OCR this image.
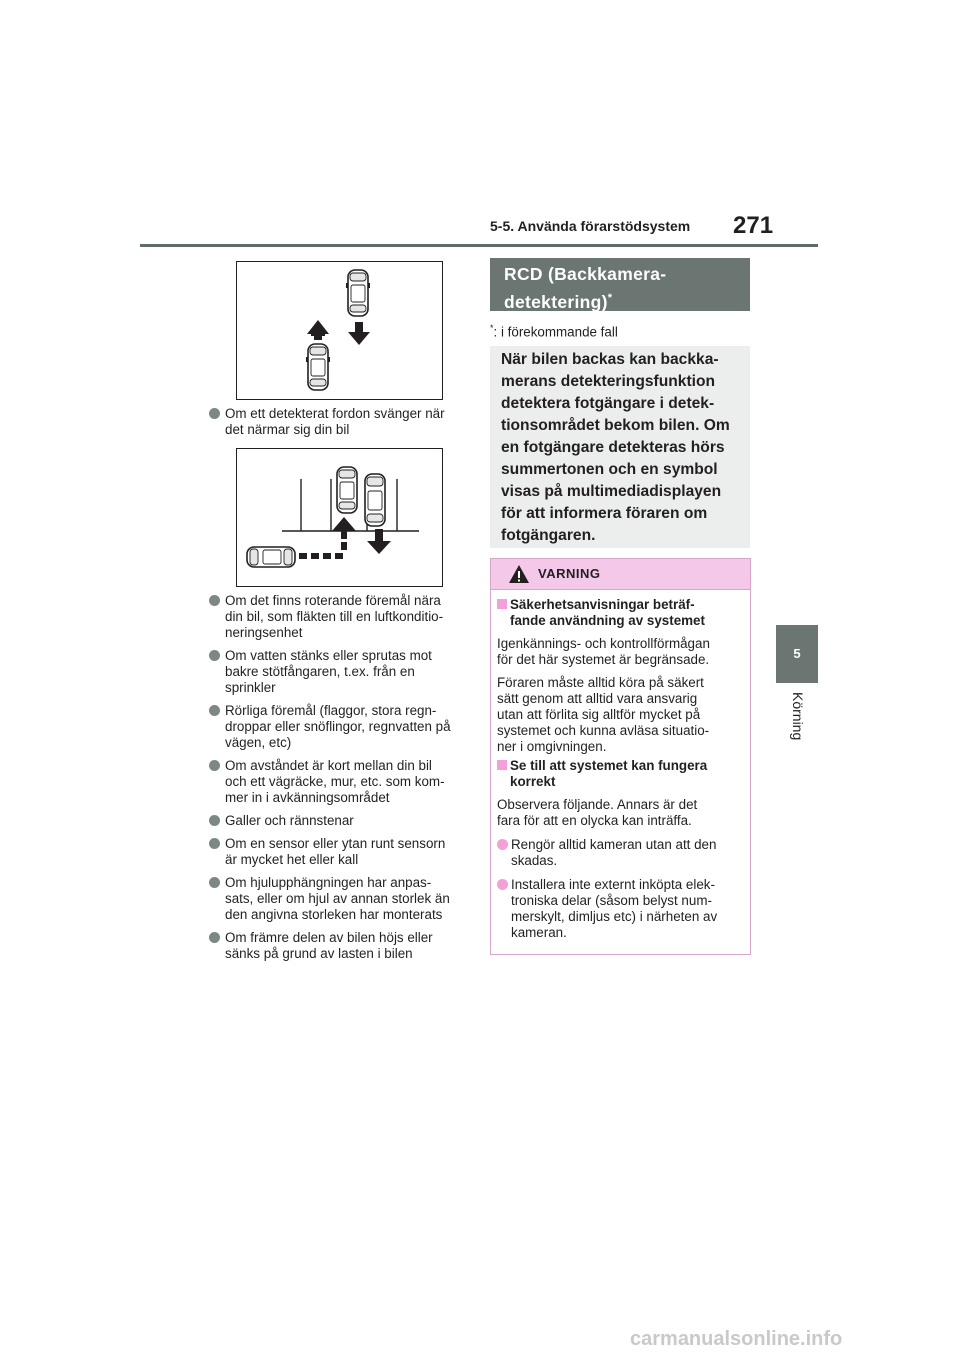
5-5. Använda förarstödsystem 271
5
Körning
Om ett detekterat fordon svänger när
det närmar sig din bil
Om det finns roterande föremål nära
din bil, som fläkten till en luftkonditio-
neringsenhet
Om vatten stänks eller sprutas mot
bakre stötfångaren, t.ex. från en
sprinkler
Rörliga föremål (flaggor, stora regn-
droppar eller snöflingor, regnvatten på
vägen, etc)
Om avståndet är kort mellan din bil
och ett vägräcke, mur, etc. som kom-
mer in i avkänningsområdet
Galler och rännstenar
Om en sensor eller ytan runt sensorn
är mycket het eller kall
Om hjulupphängningen har anpas-
sats, eller om hjul av annan storlek än
den angivna storleken har monterats
Om främre delen av bilen höjs eller
sänks på grund av lasten i bilen
RCD (Backkamera-
detektering)*
*: i förekommande fall
När bilen backas kan backka-
merans detekteringsfunktion
detektera fotgängare i detek-
tionsområdet bekom bilen. Om
en fotgängare detekteras hörs
summertonen och en symbol
visas på multimediadisplayen
för att informera föraren om
fotgängaren.
VARNING
Säkerhetsanvisningar beträf-
fande användning av systemet
Igenkännings- och kontrollförmågan
för det här systemet är begränsade.
Föraren måste alltid köra på säkert
sätt genom att alltid vara ansvarig
utan att förlita sig alltför mycket på
systemet och kunna avläsa situatio-
ner i omgivningen.
Se till att systemet kan fungera
korrekt
Observera följande. Annars är det
fara för att en olycka kan inträffa.
Rengör alltid kameran utan att den
skadas.
Installera inte externt inköpta elek-
troniska delar (såsom belyst num-
merskylt, dimljus etc) i närheten av
kameran.
carmanualsonline.info
